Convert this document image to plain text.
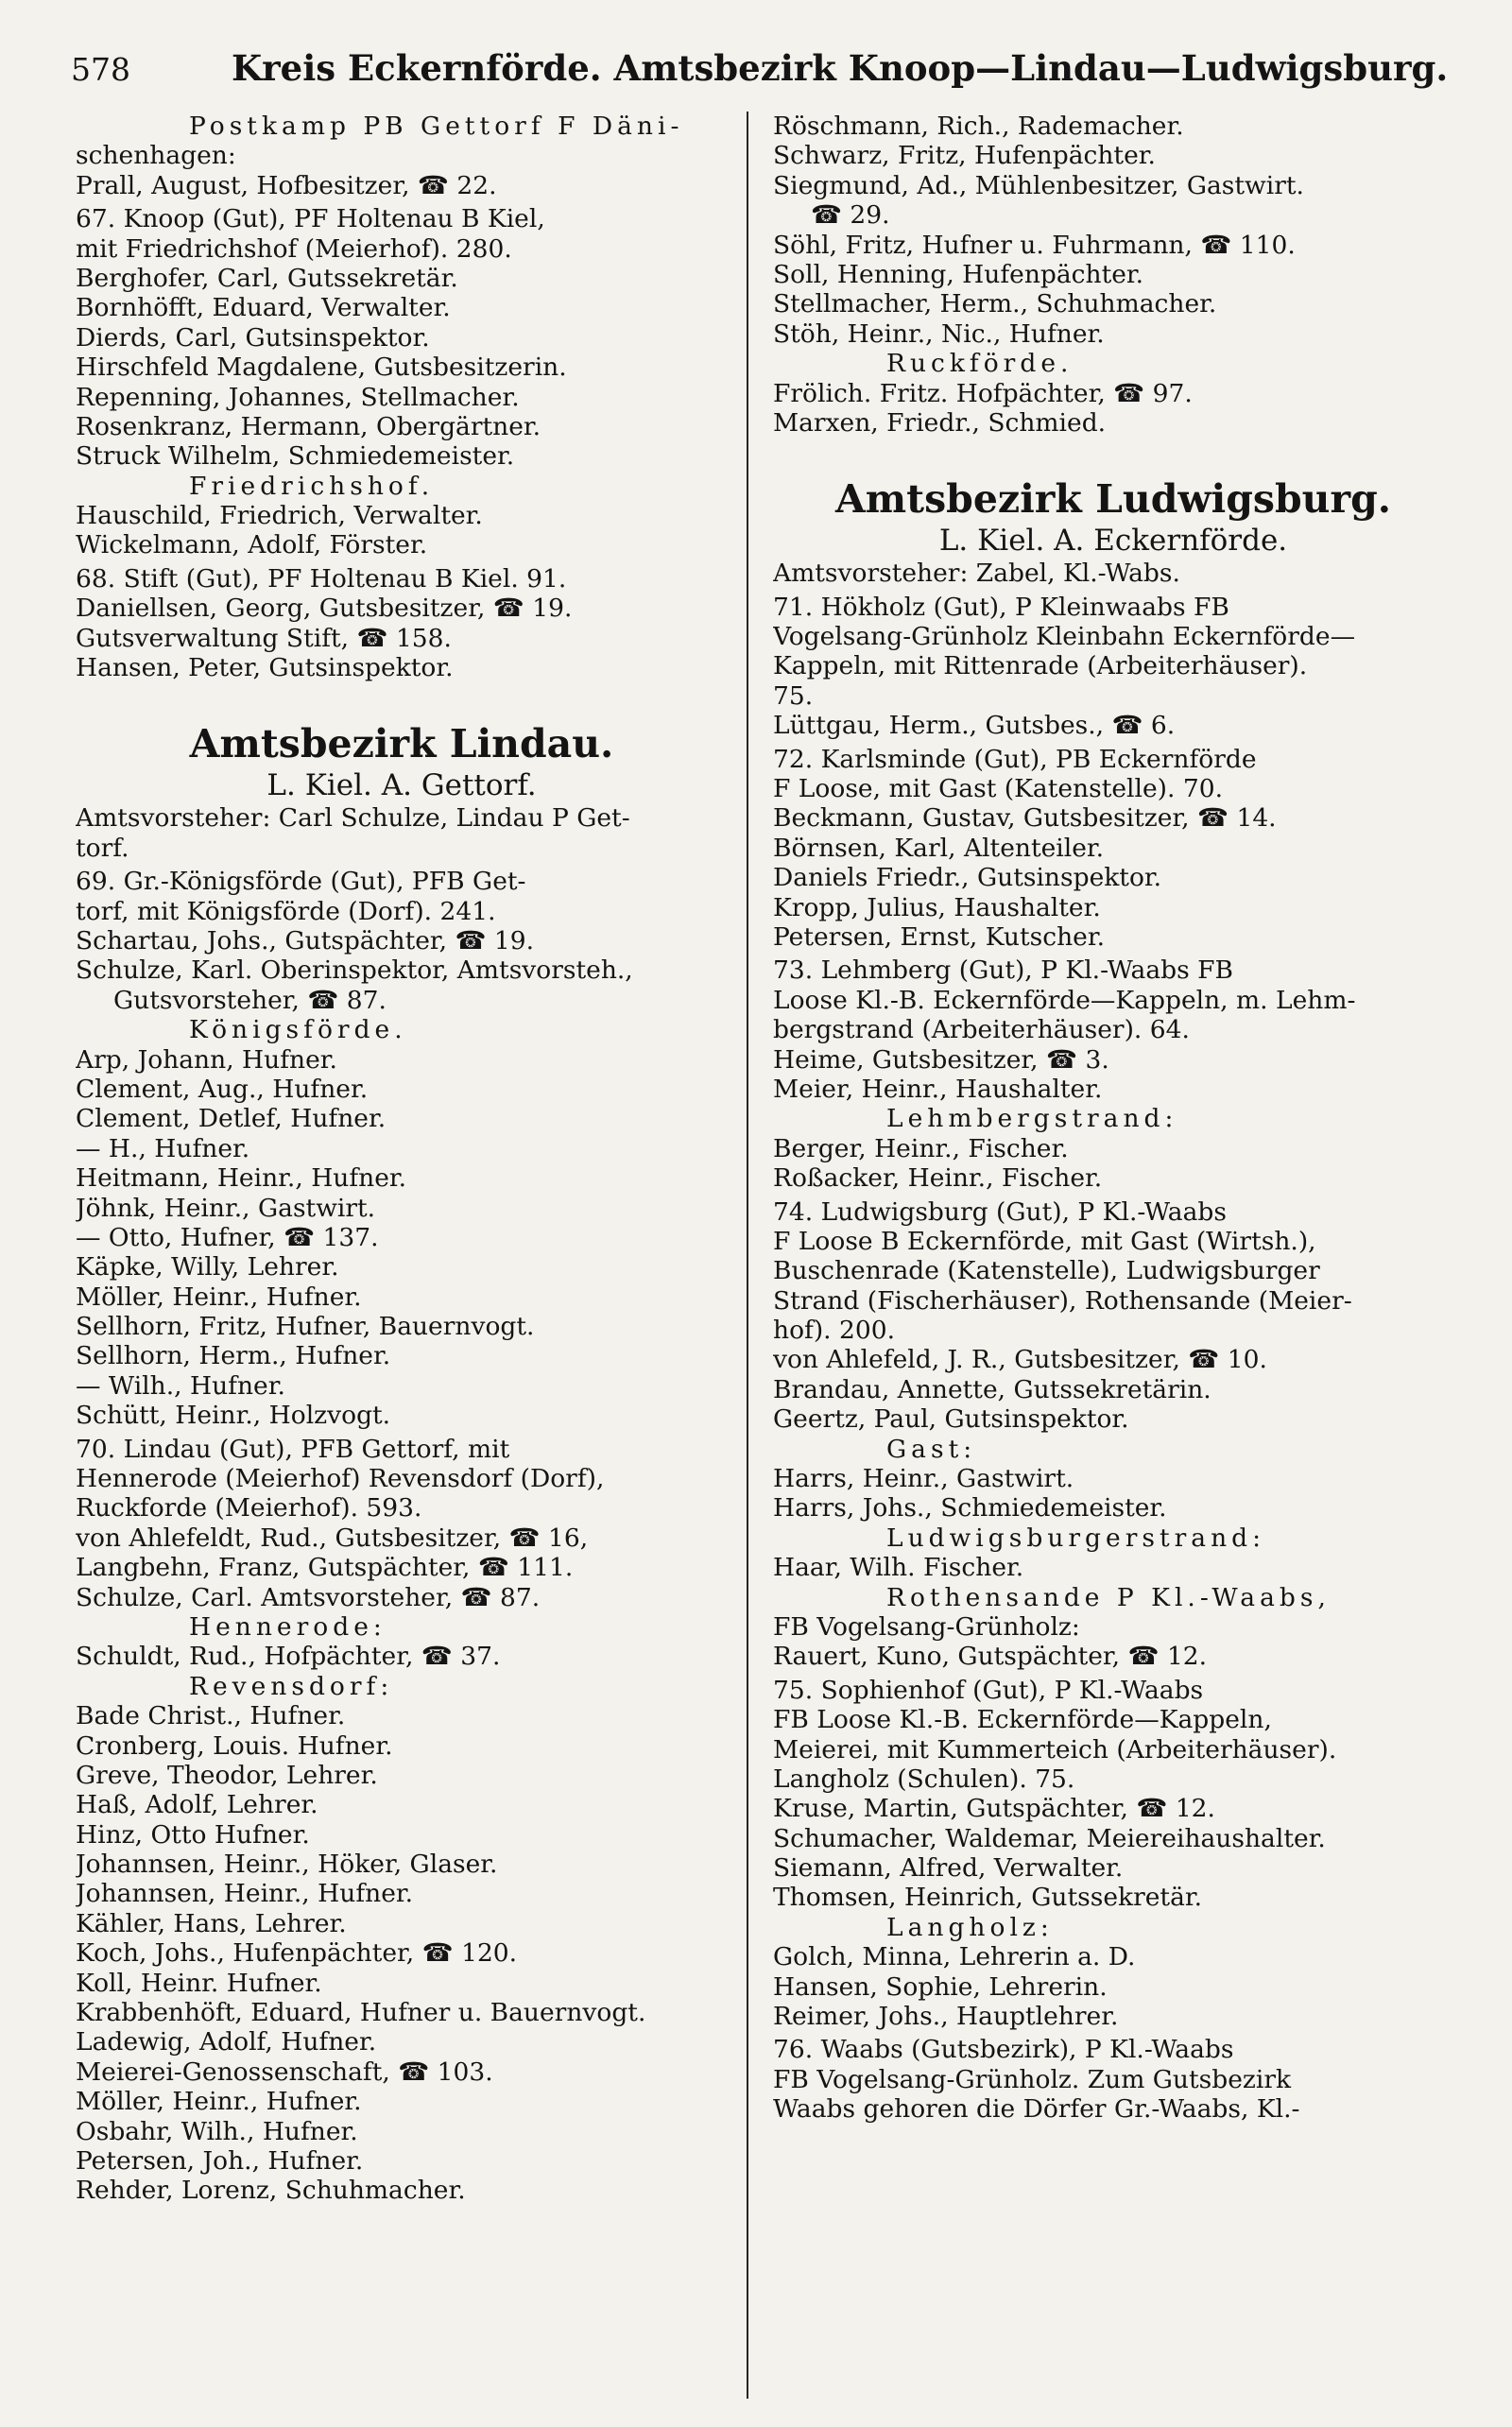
578	Kreis Eckernförde. Amtsbezirk Knoop—Lindau—Ludwigsburg.
Postkamp PB Gettorf F Däni-
schenhagen:
Prall, August, Hofbesitzer, ☎ 22.
67. Knoop (Gut), PF Holtenau B Kiel,
mit Friedrichshof (Meierhof). 280.
Berghofer, Carl, Gutssekretär.
Bornhöfft, Eduard, Verwalter.
Dierds, Carl, Gutsinspektor.
Hirschfeld Magdalene, Gutsbesitzerin.
Repenning, Johannes, Stellmacher.
Rosenkranz, Hermann, Obergärtner.
Struck Wilhelm, Schmiedemeister.
Friedrichshof.
Hauschild, Friedrich, Verwalter.
Wickelmann, Adolf, Förster.
68. Stift (Gut), PF Holtenau B Kiel. 91.
Daniellsen, Georg, Gutsbesitzer, ☎ 19.
Gutsverwaltung Stift, ☎ 158.
Hansen, Peter, Gutsinspektor.
Amtsbezirk Lindau.
L. Kiel. A. Gettorf.
Amtsvorsteher: Carl Schulze, Lindau P Get-
torf.
69. Gr.-Königsförde (Gut), PFB Get-
torf, mit Königsförde (Dorf). 241.
Schartau, Johs., Gutspächter, ☎ 19.
Schulze, Karl. Oberinspektor, Amtsvorsteh.,
Gutsvorsteher, ☎ 87.
Königsförde.
Arp, Johann, Hufner.
Clement, Aug., Hufner.
Clement, Detlef, Hufner.
— H., Hufner.
Heitmann, Heinr., Hufner.
Jöhnk, Heinr., Gastwirt.
— Otto, Hufner, ☎ 137.
Käpke, Willy, Lehrer.
Möller, Heinr., Hufner.
Sellhorn, Fritz, Hufner, Bauernvogt.
Sellhorn, Herm., Hufner.
— Wilh., Hufner.
Schütt, Heinr., Holzvogt.
70. Lindau (Gut), PFB Gettorf, mit
Hennerode (Meierhof) Revensdorf (Dorf),
Ruckforde (Meierhof). 593.
von Ahlefeldt, Rud., Gutsbesitzer, ☎ 16,
Langbehn, Franz, Gutspächter, ☎ 111.
Schulze, Carl. Amtsvorsteher, ☎ 87.
Hennerode:
Schuldt, Rud., Hofpächter, ☎ 37.
Revensdorf:
Bade Christ., Hufner.
Cronberg, Louis. Hufner.
Greve, Theodor, Lehrer.
Haß, Adolf, Lehrer.
Hinz, Otto Hufner.
Johannsen, Heinr., Höker, Glaser.
Johannsen, Heinr., Hufner.
Kähler, Hans, Lehrer.
Koch, Johs., Hufenpächter, ☎ 120.
Koll, Heinr. Hufner.
Krabbenhöft, Eduard, Hufner u. Bauernvogt.
Ladewig, Adolf, Hufner.
Meierei-Genossenschaft, ☎ 103.
Möller, Heinr., Hufner.
Osbahr, Wilh., Hufner.
Petersen, Joh., Hufner.
Rehder, Lorenz, Schuhmacher.
Röschmann, Rich., Rademacher.
Schwarz, Fritz, Hufenpächter.
Siegmund, Ad., Mühlenbesitzer, Gastwirt.
☎ 29.
Söhl, Fritz, Hufner u. Fuhrmann, ☎ 110.
Soll, Henning, Hufenpächter.
Stellmacher, Herm., Schuhmacher.
Stöh, Heinr., Nic., Hufner.
Ruckförde.
Frölich. Fritz. Hofpächter, ☎ 97.
Marxen, Friedr., Schmied.
Amtsbezirk Ludwigsburg.
L. Kiel. A. Eckernförde.
Amtsvorsteher: Zabel, Kl.-Wabs.
71. Hökholz (Gut), P Kleinwaabs FB
Vogelsang-Grünholz Kleinbahn Eckernförde—
Kappeln, mit Rittenrade (Arbeiterhäuser).
75.
Lüttgau, Herm., Gutsbes., ☎ 6.
72. Karlsminde (Gut), PB Eckernförde
F Loose, mit Gast (Katenstelle). 70.
Beckmann, Gustav, Gutsbesitzer, ☎ 14.
Börnsen, Karl, Altenteiler.
Daniels Friedr., Gutsinspektor.
Kropp, Julius, Haushalter.
Petersen, Ernst, Kutscher.
73. Lehmberg (Gut), P Kl.-Waabs FB
Loose Kl.-B. Eckernförde—Kappeln, m. Lehm-
bergstrand (Arbeiterhäuser). 64.
Heime, Gutsbesitzer, ☎ 3.
Meier, Heinr., Haushalter.
Lehmbergstrand:
Berger, Heinr., Fischer.
Roßacker, Heinr., Fischer.
74. Ludwigsburg (Gut), P Kl.-Waabs
F Loose B Eckernförde, mit Gast (Wirtsh.),
Buschenrade (Katenstelle), Ludwigsburger
Strand (Fischerhäuser), Rothensande (Meier-
hof). 200.
von Ahlefeld, J. R., Gutsbesitzer, ☎ 10.
Brandau, Annette, Gutssekretärin.
Geertz, Paul, Gutsinspektor.
Gast:
Harrs, Heinr., Gastwirt.
Harrs, Johs., Schmiedemeister.
Ludwigsburgerstrand:
Haar, Wilh. Fischer.
Rothensande P Kl.-Waabs,
FB Vogelsang-Grünholz:
Rauert, Kuno, Gutspächter, ☎ 12.
75. Sophienhof (Gut), P Kl.-Waabs
FB Loose Kl.-B. Eckernförde—Kappeln,
Meierei, mit Kummerteich (Arbeiterhäuser).
Langholz (Schulen). 75.
Kruse, Martin, Gutspächter, ☎ 12.
Schumacher, Waldemar, Meiereihaushalter.
Siemann, Alfred, Verwalter.
Thomsen, Heinrich, Gutssekretär.
Langholz:
Golch, Minna, Lehrerin a. D.
Hansen, Sophie, Lehrerin.
Reimer, Johs., Hauptlehrer.
76. Waabs (Gutsbezirk), P Kl.-Waabs
FB Vogelsang-Grünholz. Zum Gutsbezirk
Waabs gehoren die Dörfer Gr.-Waabs, Kl.-
